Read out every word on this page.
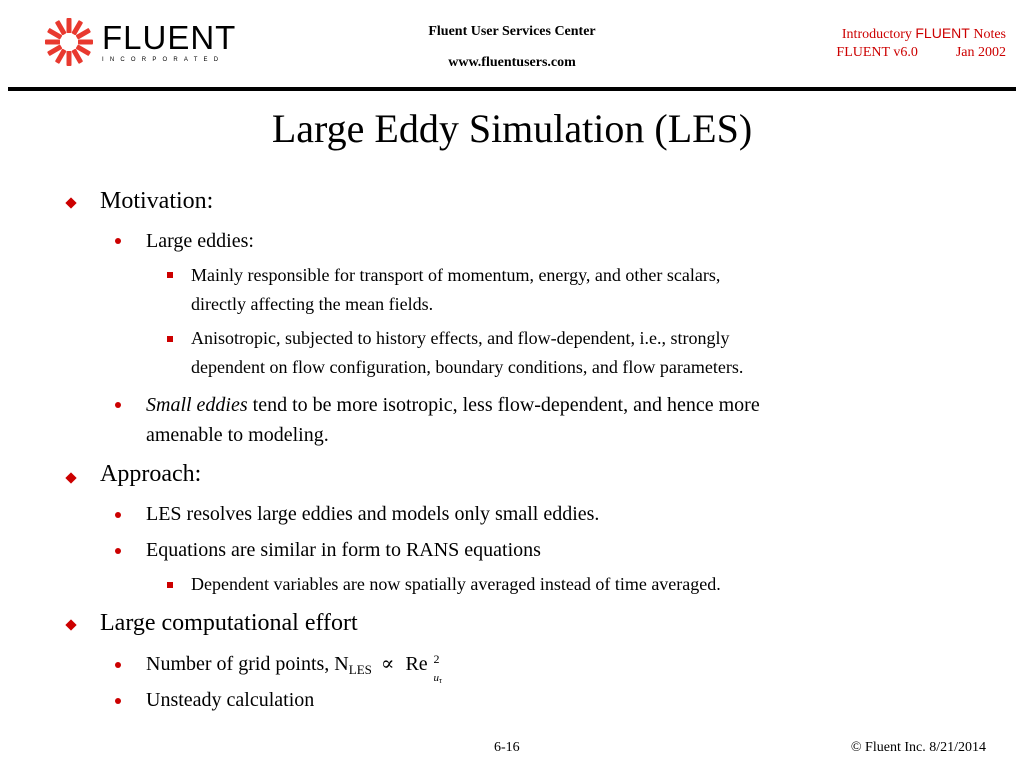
FLUENT
INCORPORATED
Fluent User Services Center
www.fluentusers.com
Introductory FLUENT Notes
FLUENT v6.0	Jan 2002
Large Eddy Simulation (LES)
Motivation:
Large eddies:
Mainly responsible for transport of momentum, energy, and other scalars,
directly affecting the mean fields.
Anisotropic, subjected to history effects, and flow-dependent, i.e., strongly
dependent on flow configuration, boundary conditions, and flow parameters.
Small eddies tend to be more isotropic, less flow-dependent, and hence more
amenable to modeling.
Approach:
LES resolves large eddies and models only small eddies.
Equations are similar in form to RANS equations
Dependent variables are now spatially averaged instead of time averaged.
Large computational effort
Number of grid points, $N_{LES} \propto Re$ 2
uτ
Unsteady calculation
6-16	© Fluent Inc. 8/21/2014
